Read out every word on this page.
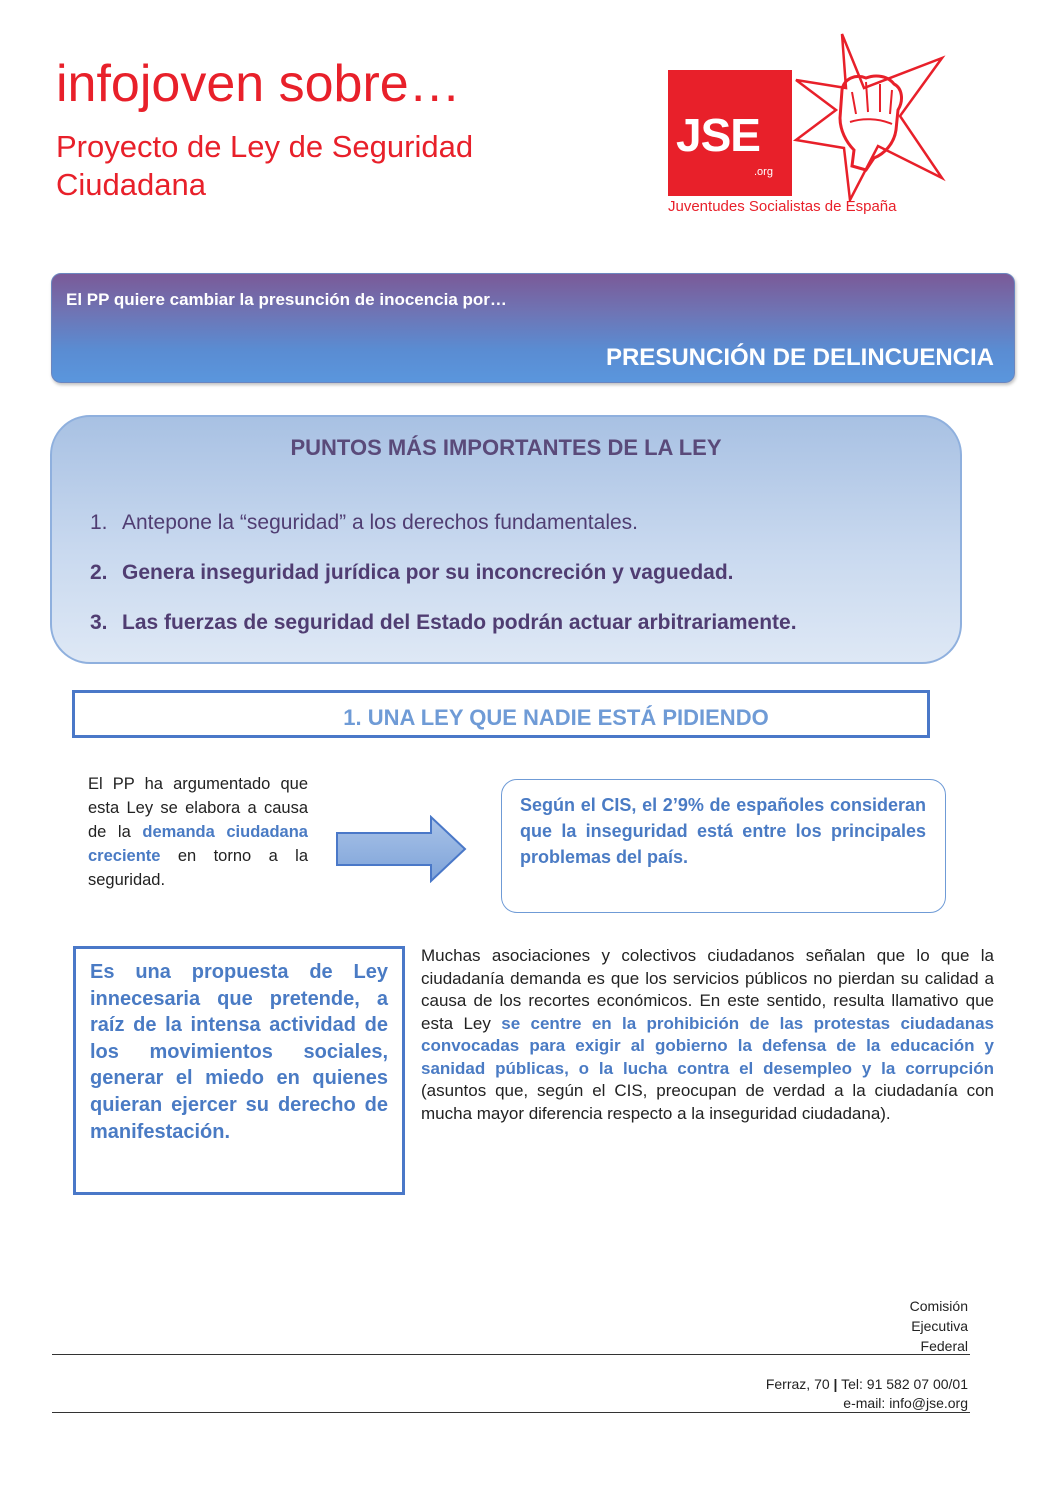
infojoven sobre…
Proyecto de Ley de Seguridad Ciudadana
JSE
.org
Juventudes Socialistas de España
El PP quiere cambiar la presunción de inocencia por…
PRESUNCIÓN DE DELINCUENCIA
PUNTOS MÁS IMPORTANTES DE LA LEY
1. Antepone la “seguridad” a los derechos fundamentales.
2. Genera inseguridad jurídica por su inconcreción y vaguedad.
3. Las fuerzas de seguridad del Estado podrán actuar arbitrariamente.
1. UNA LEY QUE NADIE ESTÁ PIDIENDO
El PP ha argumentado que esta Ley se elabora a causa de la demanda ciudadana creciente en torno a la seguridad.
Según el CIS, el 2’9% de españoles consideran que la inseguridad está entre los principales problemas del país.
Es una propuesta de Ley innecesaria que pretende, a raíz de la intensa actividad de los movimientos sociales, generar el miedo en quienes quieran ejercer su derecho de manifestación.
Muchas asociaciones y colectivos ciudadanos señalan que lo que la ciudadanía demanda es que los servicios públicos no pierdan su calidad a causa de los recortes económicos. En este sentido, resulta llamativo que esta Ley se centre en la prohibición de las protestas ciudadanas convocadas para exigir al gobierno la defensa de la educación y sanidad públicas, o la lucha contra el desempleo y la corrupción (asuntos que, según el CIS, preocupan de verdad a la ciudadanía con mucha mayor diferencia respecto a la inseguridad ciudadana).
Comisión
Ejecutiva
Federal
Ferraz, 70 | Tel: 91 582 07 00/01
e-mail: info@jse.org
